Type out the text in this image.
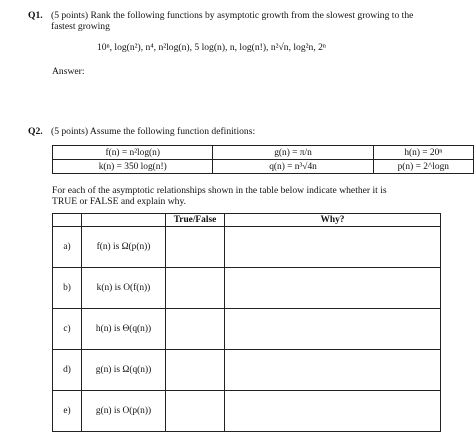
Q1. (5 points) Rank the following functions by asymptotic growth from the slowest growing to the
fastest growing
10ⁿ, log(n²), n⁴, n²log(n), 5 log(n), n, log(n!), n²√n, log²n, 2ⁿ
Answer:
Q2. (5 points) Assume the following function definitions:
f(n) = n²log(n)	g(n) = π/n	h(n) = 20ⁿ
k(n) = 350 log(n!)	q(n) = n³√4n	p(n) = 2^logn
For each of the asymptotic relationships shown in the table below indicate whether it is
TRUE or FALSE and explain why.
		True/False	Why?
a)	f(n) is Ω(p(n))		
b)	k(n) is O(f(n))		
c)	h(n) is Θ(q(n))		
d)	g(n) is Ω(q(n))		
e)	g(n) is O(p(n))		
